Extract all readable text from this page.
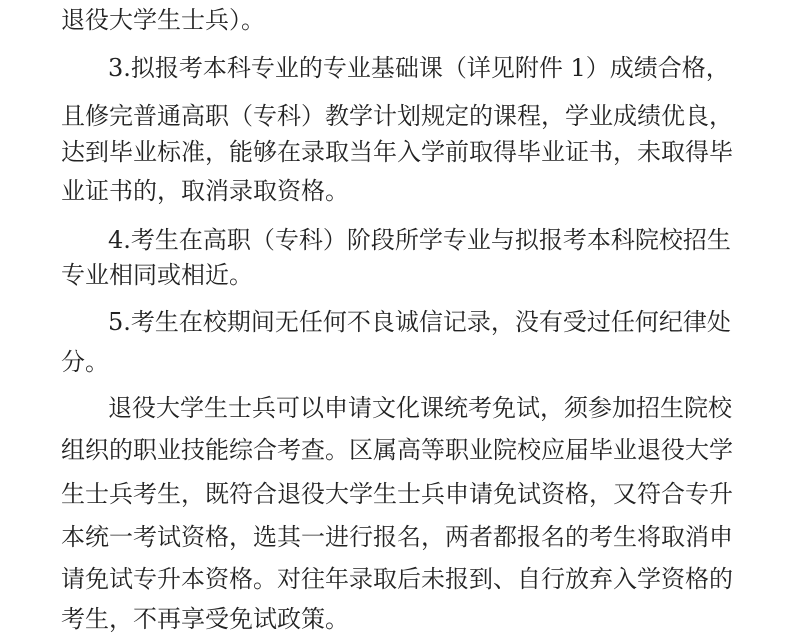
退役大学生士兵）。

3.拟报考本科专业的专业基础课（详见附件 1）成绩合格，

且修完普通高职（专科）教学计划规定的课程，学业成绩优良，

达到毕业标准，能够在录取当年入学前取得毕业证书，未取得毕

业证书的，取消录取资格。

4.考生在高职（专科）阶段所学专业与拟报考本科院校招生

专业相同或相近。

5.考生在校期间无任何不良诚信记录，没有受过任何纪律处

分。

退役大学生士兵可以申请文化课统考免试，须参加招生院校

组织的职业技能综合考查。区属高等职业院校应届毕业退役大学

生士兵考生，既符合退役大学生士兵申请免试资格，又符合专升

本统一考试资格，选其一进行报名，两者都报名的考生将取消申

请免试专升本资格。对往年录取后未报到、自行放弃入学资格的

考生，不再享受免试政策。
